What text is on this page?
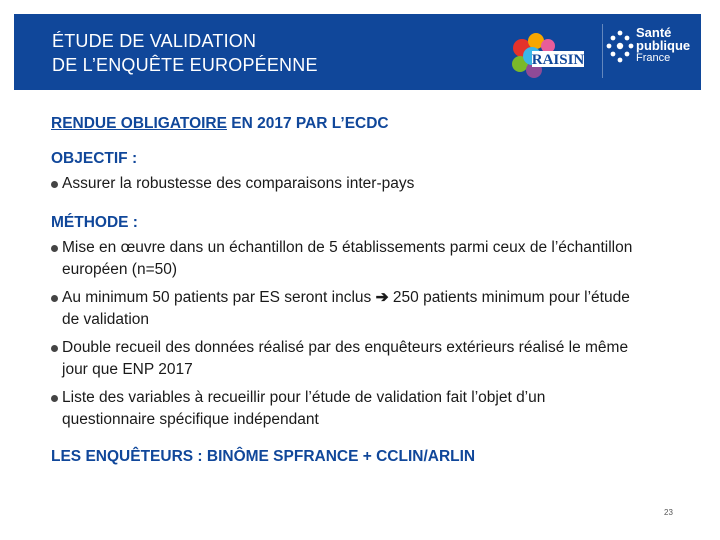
ÉTUDE DE VALIDATION
DE L’ENQUÊTE EUROPÉENNE	RAISIN
Santé
publique
France
RENDUE OBLIGATOIRE EN 2017 PAR L’ECDC
OBJECTIF :
Assurer la robustesse des comparaisons inter-pays
MÉTHODE :
Mise en œuvre dans un échantillon de 5 établissements parmi ceux de l’échantillon
européen (n=50)
Au minimum 50 patients par ES seront inclus ➔ 250 patients minimum pour l’étude
de validation
Double recueil des données réalisé par des enquêteurs extérieurs réalisé le même
jour que ENP 2017
Liste des variables à recueillir pour l’étude de validation fait l’objet d’un
questionnaire spécifique indépendant
LES ENQUÊTEURS : BINÔME SPFRANCE + CCLIN/ARLIN
23
